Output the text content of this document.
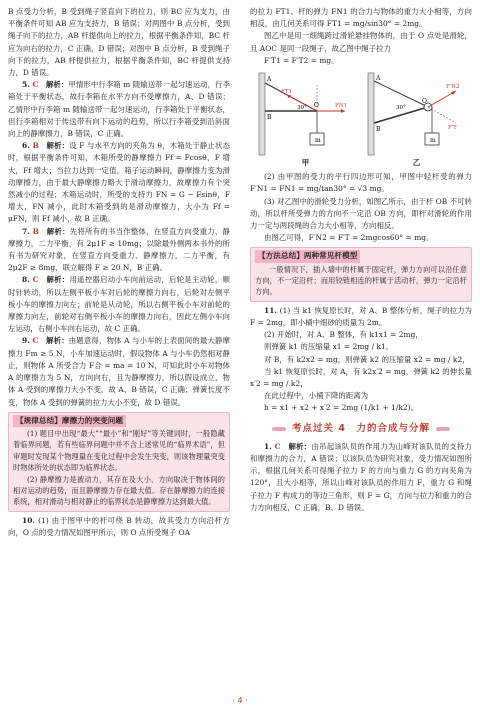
B 点受力分析，B 受到绳子竖直向下的拉力，则 BC 应为支力，由平衡条件可知 AB 应为支持力，B 错误；对两图中 B 点分析，受到绳子向下的拉力，AB 杆提供向上的拉力，根据平衡条件知，BC 杆应为向右的拉力，C 正确，D 错误；对图中 B 点分析，B 受到绳子向下的拉力，AB 杆提供拉力，根据平衡条件知，BC 杆提供支持力，D 错误。

5. C　 解析：甲情形中行李箱 m 随输送带一起匀速运动，行李箱处于平衡状态，故行李箱在水平方向不受摩擦力，A、D 错误；乙情形中行李箱 m 随输送带一起匀速运动，行李箱处于平衡状态，但行李箱相对于传送带有向下运动的趋势，所以行李箱受到沿斜面向上的静摩擦力，B 错误，C 正确。

6. B　 解析：设 F 与水平方向的夹角为 θ，木箱处于静止状态时，根据平衡条件可知，木箱所受的静摩擦力 Ff = Fcosθ，F 增大，Ff 增大；当拉力达到一定值，箱子运动瞬间，静摩擦力变为滑动摩擦力，由于最大静摩擦力略大于滑动摩擦力，故摩擦力有个突然减小的过程；木箱运动时，所受的支持力 FN = G − Fsinθ，F 增大，FN 减小，此时木箱受到的是滑动摩擦力，大小为 Ff = μFN，则 Ff 减小，故 B 正确。

7. B　 解析：先将所有的书当作整体，在竖直方向受重力、静摩擦力，二力平衡，有 2μ1F ≥ 10mg；以除最外侧两本书外的所有书为研究对象，在竖直方向受重力、静摩擦力，二力平衡，有 2μ2F ≥ 8mg，联立解得 F ≥ 20 N，B 正确。

8. C　 解析：用遥控器启动小车向前运动，后轮是主动轮，顺时针转动，所以左侧平板小车对后轮的摩擦力向右，后轮对左侧平板小车的摩擦力向左；前轮是从动轮，所以右侧平板小车对前轮的摩擦力向左，前轮对右侧平板小车的摩擦力向右，因此左侧小车向左运动，右侧小车向右运动，故 C 正确。

9. C　 解析：由题意得，物体 A 与小车的上表面间的最大静摩擦力 Fm ≥ 5 N，小车加速运动时，假设物体 A 与小车仍然相对静止，则物体 A 所受合力 F合 = ma = 10 N，可知此时小车对物体 A 的摩擦力为 5 N，方向向右，且为静摩擦力，所以假设成立，物体 A 受到的摩擦力大小不变，故 A、B 错误，C 正确；弹簧长度不变，物体 A 受到的弹簧的拉力大小不变，故 D 错误。

【规律总结】摩擦力的突变问题

(1) 题目中出现“最大”“最小”和“刚好”等关键词时，一般隐藏着临界问题，若有些临界问题中并不含上述常见的“临界术语”，但审题时发现某个物理量在变化过程中会发生突变，则该物理量突变时物体所处的状态即为临界状态。

(2) 静摩擦力是被动力，其存在及大小、方向取决于物体间的相对运动的趋势，而且静摩擦力存在最大值。存在静摩擦力的连接系统，相对滑动与相对静止的临界状态是静摩擦力达到最大值。

10. (1) 由于图甲中的杆可绕 B 转动，故其受力方向沿杆方向，O 点的受力情况如图甲所示，则 O 点所受绳子 OA

的拉力 FT1、杆的弹力 FN1 的合力与物体的重力大小相等，方向相反，由几何关系可得 FT1 = mg/sin30° = 2mg。

图乙中是用一细绳跨过滑轮悬挂物体的，由于 O 点处是滑轮，且 AOC 是同一段绳子，故乙图中绳子拉力

F′T1 = F′T2 = mg。

A
B
O
30°
FT1
FN1
m
A
B
O
30°
F′N2
F′T
m
甲	乙

(2) 由甲图的受力的平行四边形可知，甲图中轻杆受的弹力 F′N1 = FN1 = mg/tan30° = √3 mg。

(3) 对乙图中的滑轮受力分析，如图乙所示，由于杆 OB 不可转动，所以杆所受弹力的方向不一定沿 OB 方向，即杆对滑轮的作用力一定与两段绳的合力大小相等，方向相反。

由图乙可得，F′N2 = F′T = 2mgcos60° = mg。

【方法总结】两种常见杆模型

一般情况下，插入墙中的杆属于固定杆，弹力方向可以沿任意方向，不一定沿杆；而用铰链相连的杆属于活动杆，弹力一定沿杆方向。

11. (1) 当 k1 恢复原长时，对 A、B 整体分析，绳子的拉力为 F = 2mg，即小桶中细砂的质量为 2m。

(2) 开始时，对 A、B 整体，有 k1x1 = 2mg，

则弹簧 k1 的压缩量 x1 = 2mg / k1，

对 B，有 k2x2 = mg，则弹簧 k2 的压缩量 x2 = mg / k2，

当 k1 恢复原长时，对 A，有 k2x′2 = mg，弹簧 k2 的伸长量 x′2 = mg / k2，

在此过程中，小桶下降的距离为

h = x1 + x2 + x′2 = 2mg (1/k1 + 1/k2)。

考点过关 4　力的合成与分解

1. C　 解析：由吊起该队员的作用力为山峰对该队员的支持力和摩擦力的合力，A 错误；以该队员为研究对象，受力情况如图所示，根据几何关系可得绳子拉力 F 的方向与重力 G 的方向夹角为 120°，且大小相等，所以山峰对该队员的作用力 F，重力 G 和绳子拉力 F 构成力的等边三角形，则 F = G，方向与拉力和重力的合力方向相反，C 正确，B、D 错误。

· 4 ·
